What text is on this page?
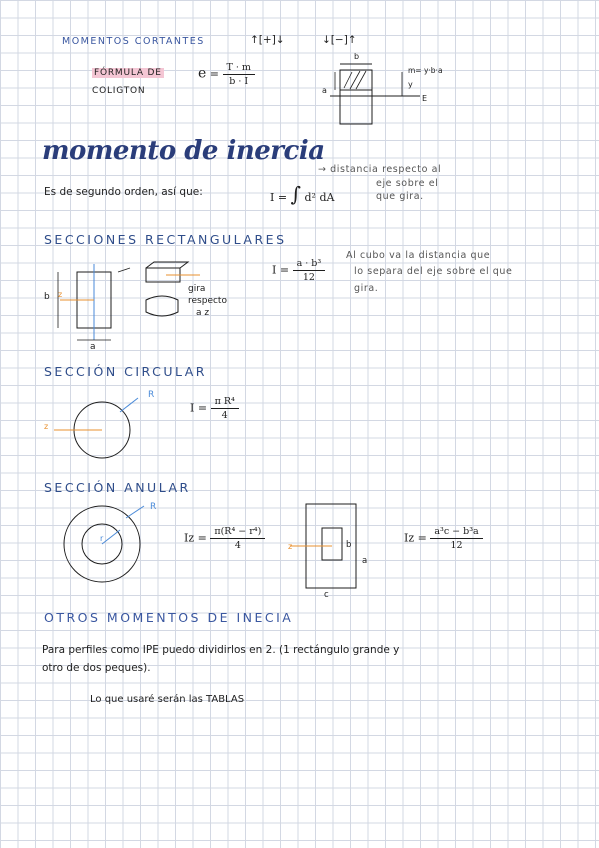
MOMENTOS CORTANTES	↑[+]↓	↓[−]↑
FÓRMULA DE
COLIGTON
$e = \frac{T \cdot m}{b \cdot I}$
b
a
y
E
m= y·b·a
momento de inercia
Es de segundo orden, así que:	I = ∫ d² dA
→ distancia respecto al
eje sobre el
que gira.
SECCIONES RECTANGULARES
b
a
z
gira
respecto
a z
$I = \frac{\text{a · b³}}{12}$
Al cubo va la distancia que
lo separa del eje sobre el que
gira.
SECCIÓN CIRCULAR
R
z
$I = \frac{\text{π R⁴}}{4}$
SECCIÓN ANULAR
R
r	$Iz = \frac{\text{π(R⁴ − r⁴)}}{4}$	b
a
c
z
$Iz = \frac{\text{a³c − b³a}}{12}$
OTROS MOMENTOS DE INECIA
Para perfiles como IPE puedo dividirlos en 2. (1 rectángulo grande y
otro de dos peques).
Lo que usaré serán las TABLAS
